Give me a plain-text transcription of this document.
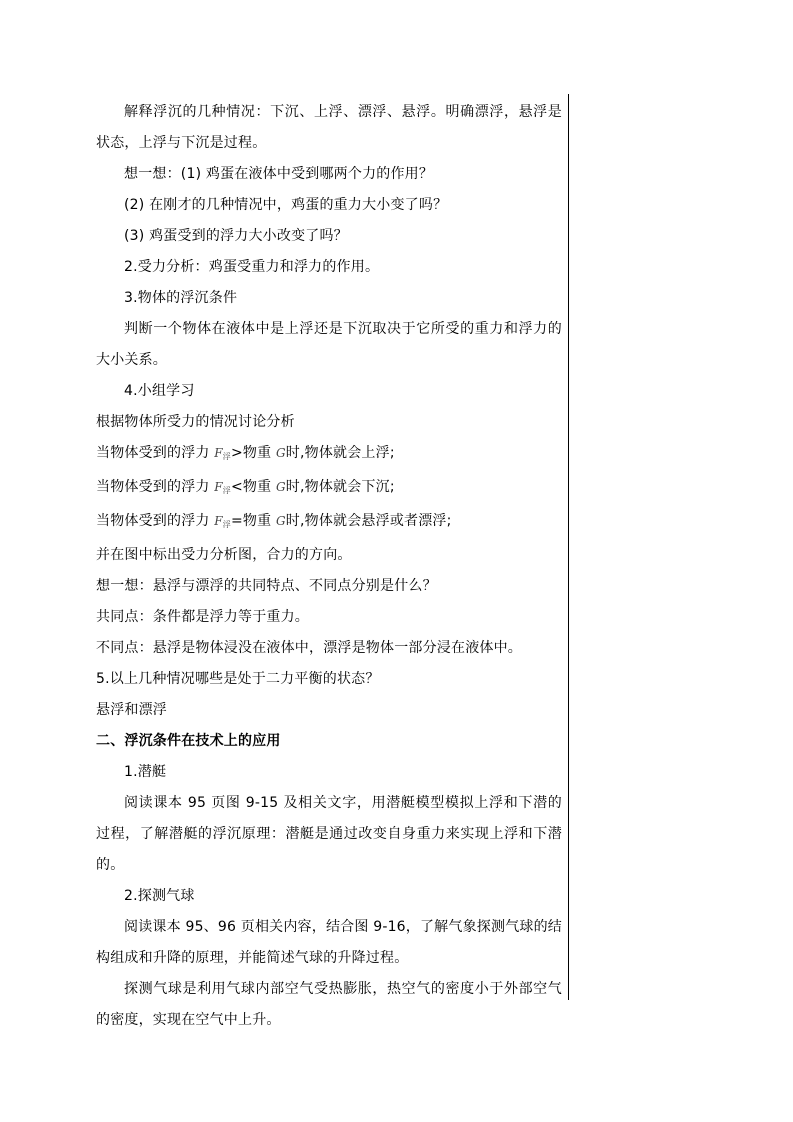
解释浮沉的几种情况：下沉、上浮、漂浮、悬浮。明确漂浮，悬浮是状态，上浮与下沉是过程。

想一想：(1) 鸡蛋在液体中受到哪两个力的作用？

(2) 在刚才的几种情况中，鸡蛋的重力大小变了吗？

(3) 鸡蛋受到的浮力大小改变了吗？

2.受力分析：鸡蛋受重力和浮力的作用。

3.物体的浮沉条件

判断一个物体在液体中是上浮还是下沉取决于它所受的重力和浮力的大小关系。

4.小组学习

根据物体所受力的情况讨论分析

当物体受到的浮力 $F_浮>$物重 G时,物体就会上浮;

当物体受到的浮力 $F_浮<$物重 G时,物体就会下沉;

当物体受到的浮力 $F_浮=$物重 G时,物体就会悬浮或者漂浮;

并在图中标出受力分析图，合力的方向。

想一想：悬浮与漂浮的共同特点、不同点分别是什么？

共同点：条件都是浮力等于重力。

不同点：悬浮是物体浸没在液体中，漂浮是物体一部分浸在液体中。

5.以上几种情况哪些是处于二力平衡的状态？

悬浮和漂浮

二、浮沉条件在技术上的应用

1.潜艇

阅读课本 95 页图 9-15 及相关文字，用潜艇模型模拟上浮和下潜的过程，了解潜艇的浮沉原理：潜艇是通过改变自身重力来实现上浮和下潜的。

2.探测气球

阅读课本 95、96 页相关内容，结合图 9-16，了解气象探测气球的结构组成和升降的原理，并能简述气球的升降过程。

探测气球是利用气球内部空气受热膨胀，热空气的密度小于外部空气的密度，实现在空气中上升。
